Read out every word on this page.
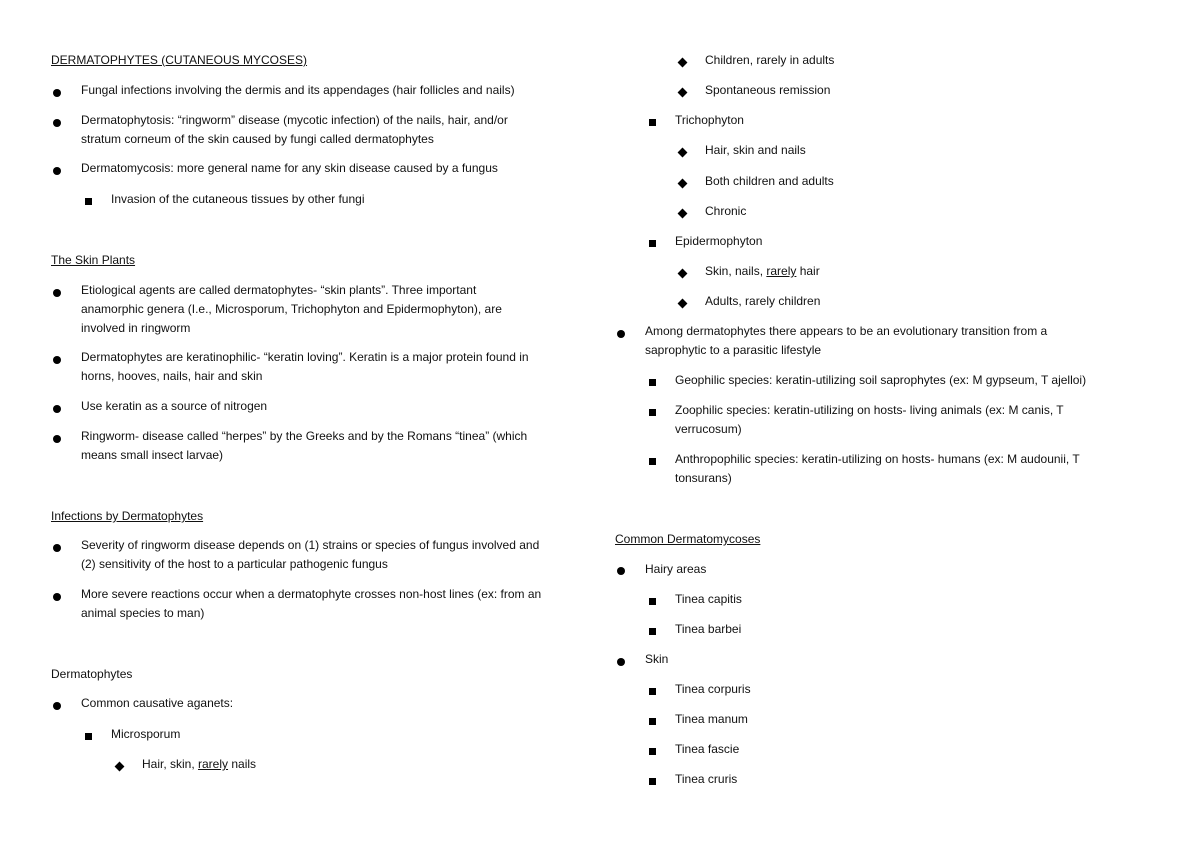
DERMATOPHYTES (CUTANEOUS MYCOSES)
Fungal infections involving the dermis and its appendages (hair follicles and nails)
Dermatophytosis: “ringworm” disease (mycotic infection) of the nails, hair, and/or
stratum corneum of the skin caused by fungi called dermatophytes
Dermatomycosis: more general name for any skin disease caused by a fungus
Invasion of the cutaneous tissues by other fungi
The Skin Plants
Etiological agents are called dermatophytes- “skin plants”. Three important
anamorphic genera (I.e., Microsporum, Trichophyton and Epidermophyton), are
involved in ringworm
Dermatophytes are keratinophilic- “keratin loving”. Keratin is a major protein found in
horns, hooves, nails, hair and skin
Use keratin as a source of nitrogen
Ringworm- disease called “herpes” by the Greeks and by the Romans “tinea” (which
means small insect larvae)
Infections by Dermatophytes
Severity of ringworm disease depends on (1) strains or species of fungus involved and
(2) sensitivity of the host to a particular pathogenic fungus
More severe reactions occur when a dermatophyte crosses non-host lines (ex: from an
animal species to man)
Dermatophytes
Common causative aganets:
Microsporum
Hair, skin, rarely nails
Children, rarely in adults
Spontaneous remission
Trichophyton
Hair, skin and nails
Both children and adults
Chronic
Epidermophyton
Skin, nails, rarely hair
Adults, rarely children
Among dermatophytes there appears to be an evolutionary transition from a
saprophytic to a parasitic lifestyle
Geophilic species: keratin-utilizing soil saprophytes (ex: M gypseum, T ajelloi)
Zoophilic species: keratin-utilizing on hosts- living animals (ex: M canis, T
verrucosum)
Anthropophilic species: keratin-utilizing on hosts- humans (ex: M audounii, T
tonsurans)
Common Dermatomycoses
Hairy areas
Tinea capitis
Tinea barbei
Skin
Tinea corpuris
Tinea manum
Tinea fascie
Tinea cruris
